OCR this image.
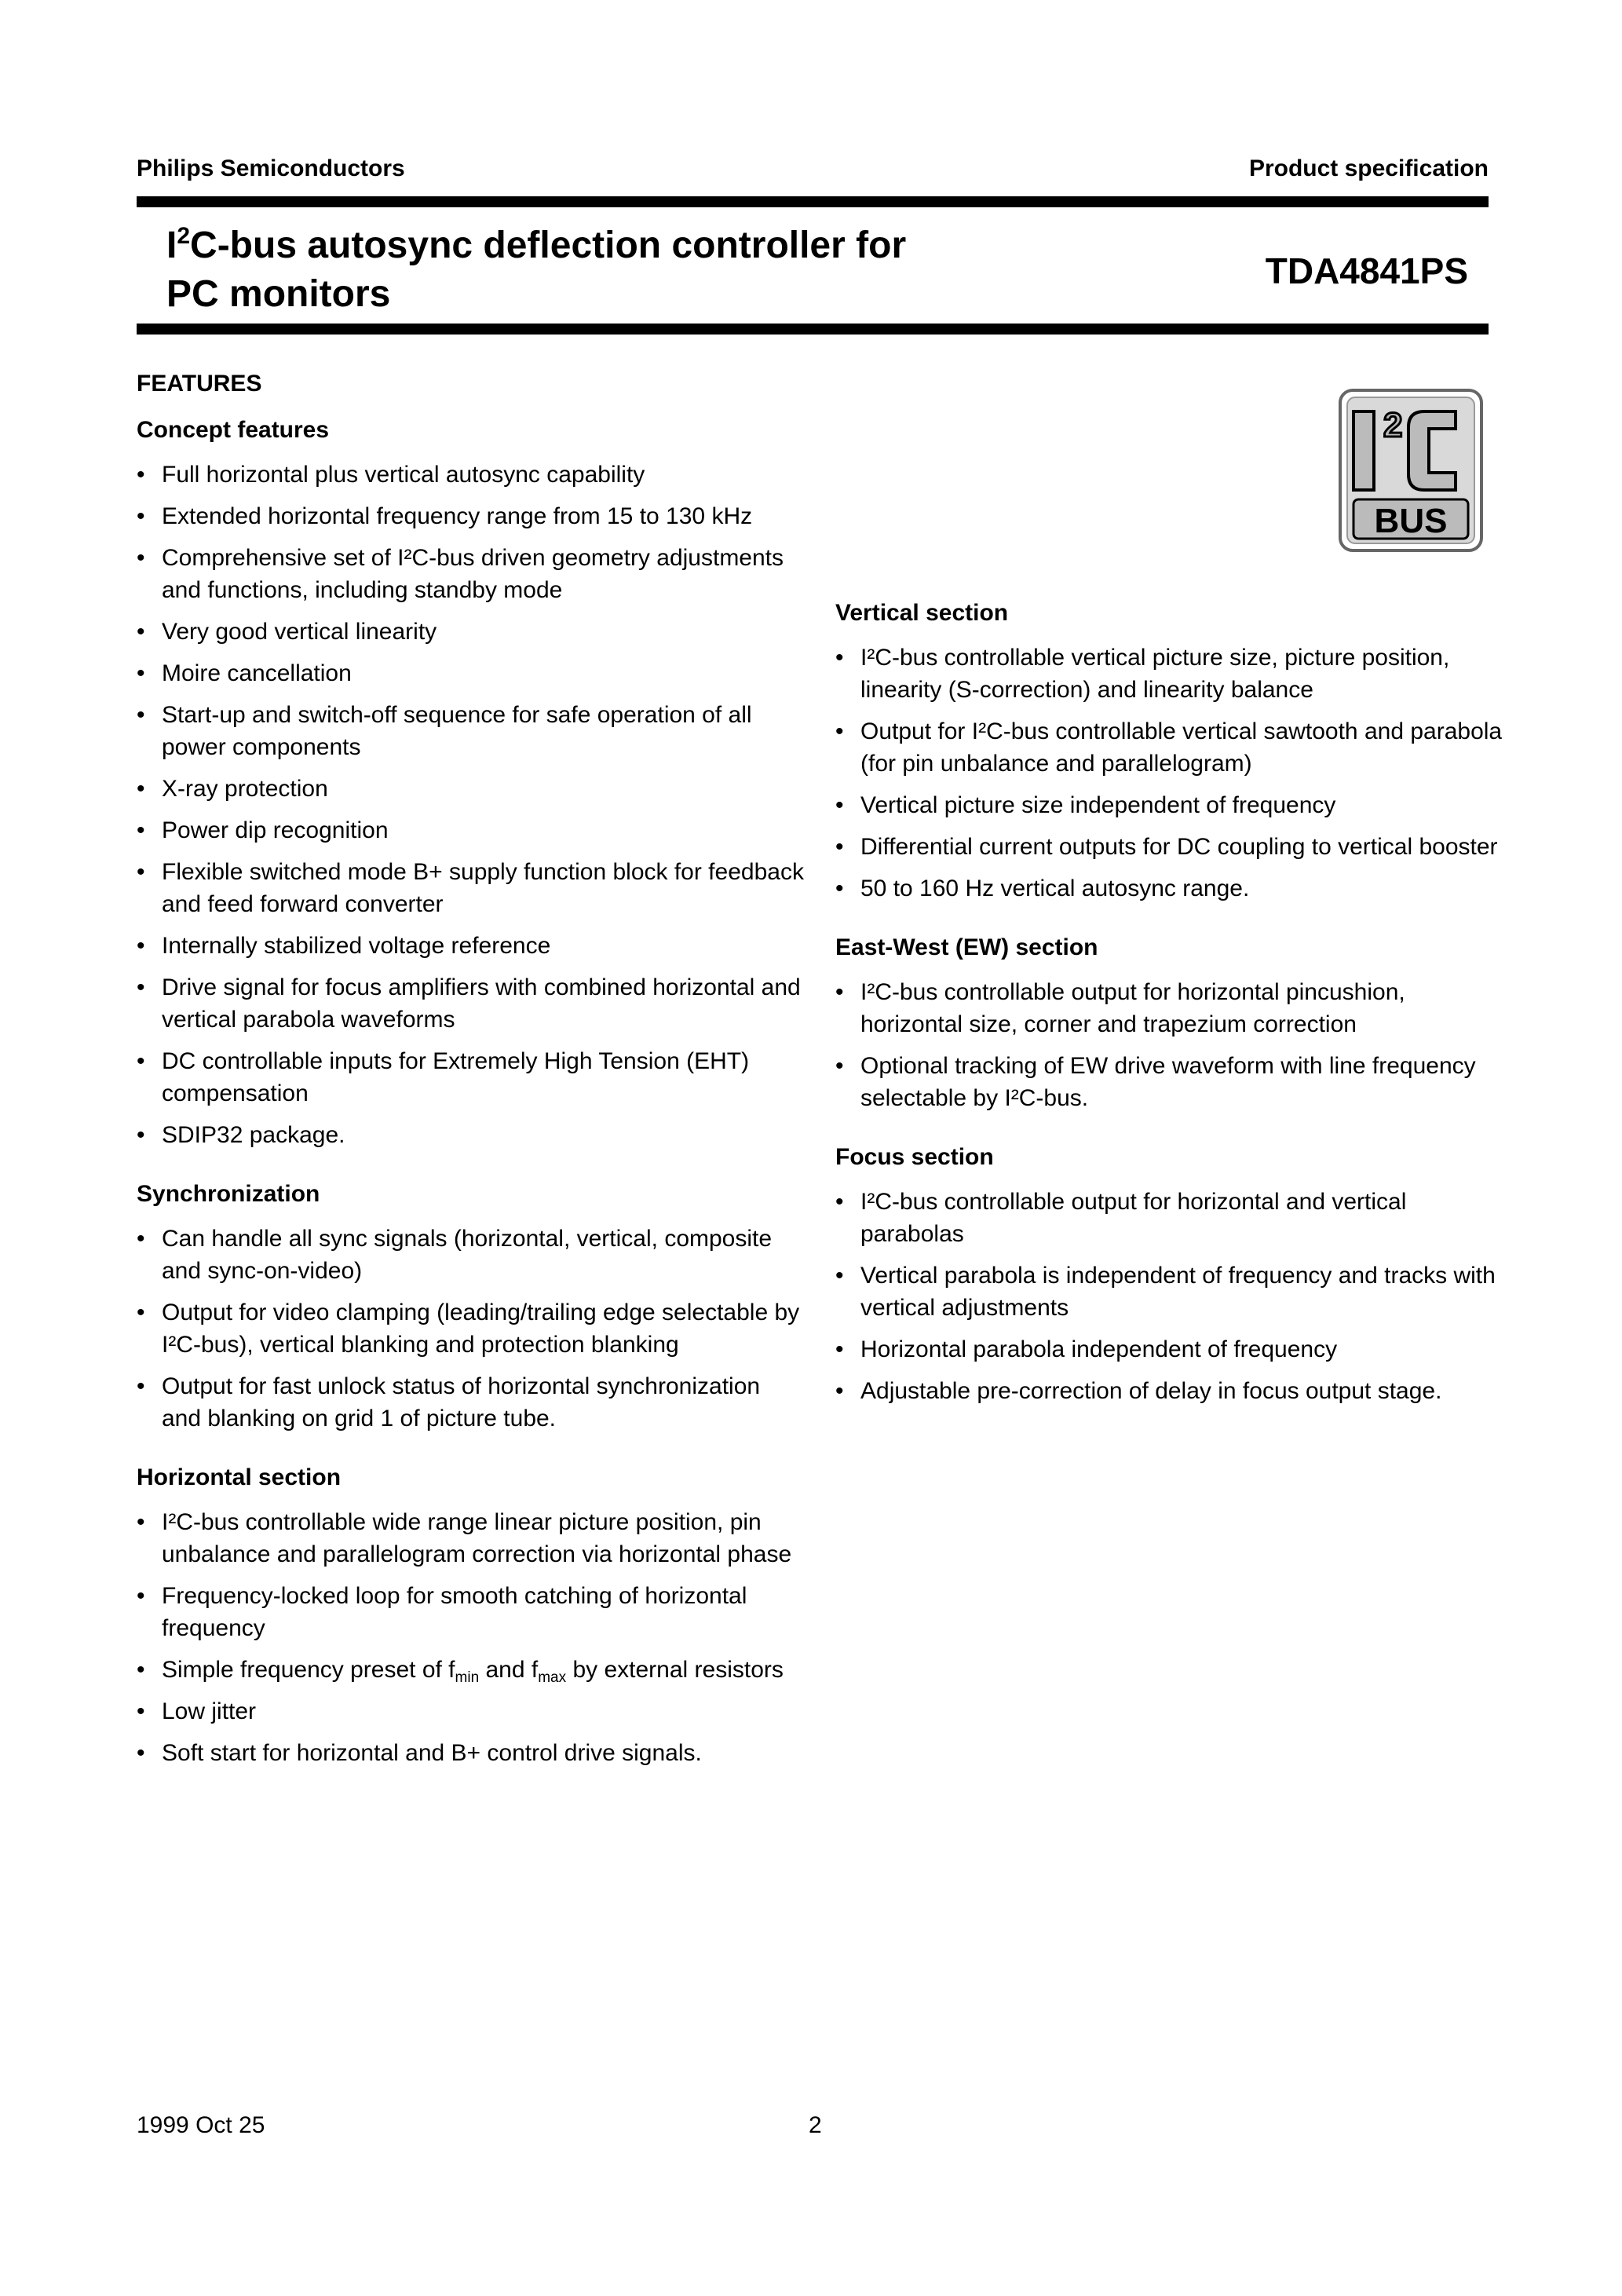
Philips Semiconductors	Product specification
$I^2C$-bus autosync deflection controller for
PC monitors
TDA4841PS
2
BUS
FEATURES
Concept features
• Full horizontal plus vertical autosync capability
• Extended horizontal frequency range from 15 to 130 kHz
• Comprehensive set of I²C-bus driven geometry adjustments and functions, including standby mode
• Very good vertical linearity
• Moire cancellation
• Start-up and switch-off sequence for safe operation of all power components
• X-ray protection
• Power dip recognition
• Flexible switched mode B+ supply function block for feedback and feed forward converter
• Internally stabilized voltage reference
• Drive signal for focus amplifiers with combined horizontal and vertical parabola waveforms
• DC controllable inputs for Extremely High Tension (EHT) compensation
• SDIP32 package.
Synchronization
• Can handle all sync signals (horizontal, vertical, composite and sync-on-video)
• Output for video clamping (leading/trailing edge selectable by I²C-bus), vertical blanking and protection blanking
• Output for fast unlock status of horizontal synchronization and blanking on grid 1 of picture tube.
Horizontal section
• I²C-bus controllable wide range linear picture position, pin unbalance and parallelogram correction via horizontal phase
• Frequency-locked loop for smooth catching of horizontal frequency
• Simple frequency preset of $f_{min}$ and $f_{max}$ by external resistors
• Low jitter
• Soft start for horizontal and B+ control drive signals.
Vertical section
• I²C-bus controllable vertical picture size, picture position, linearity (S-correction) and linearity balance
• Output for I²C-bus controllable vertical sawtooth and parabola (for pin unbalance and parallelogram)
• Vertical picture size independent of frequency
• Differential current outputs for DC coupling to vertical booster
• 50 to 160 Hz vertical autosync range.
East-West (EW) section
• I²C-bus controllable output for horizontal pincushion, horizontal size, corner and trapezium correction
• Optional tracking of EW drive waveform with line frequency selectable by I²C-bus.
Focus section
• I²C-bus controllable output for horizontal and vertical parabolas
• Vertical parabola is independent of frequency and tracks with vertical adjustments
• Horizontal parabola independent of frequency
• Adjustable pre-correction of delay in focus output stage.
1999 Oct 25	2
